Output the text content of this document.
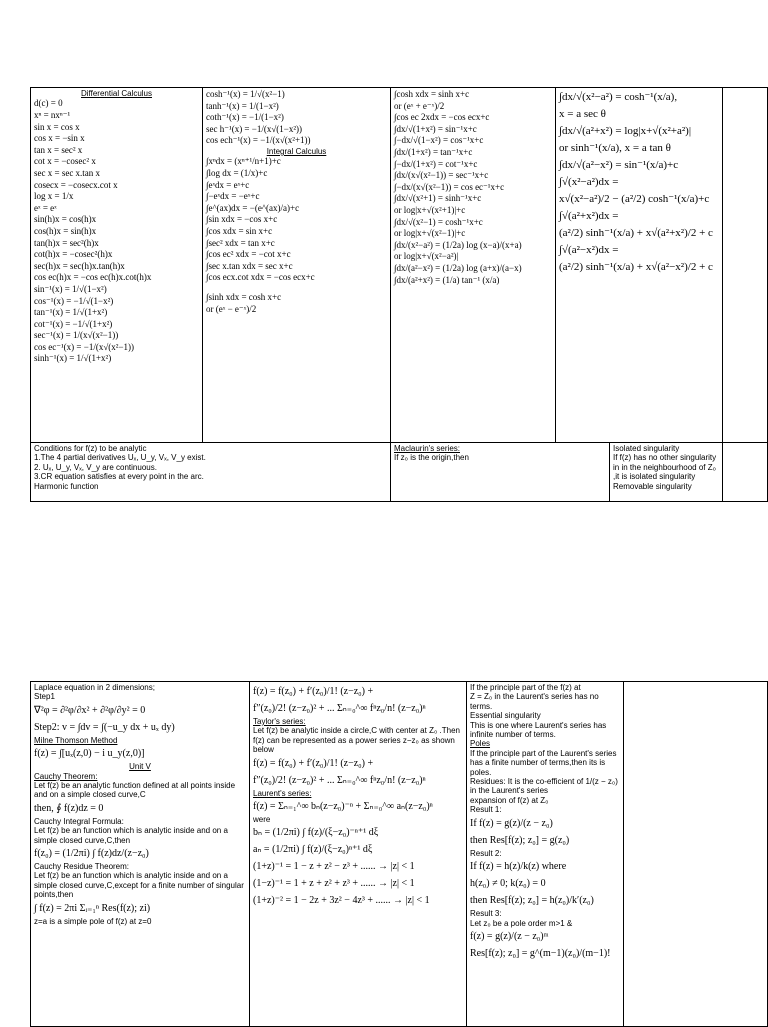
Differential Calculus
d(c) = 0
xⁿ = nxⁿ⁻¹
sin x = cos x
cos x = −sin x
tan x = sec² x
cot x = −cosec² x
sec x = sec x.tan x
cosecx = −cosecx.cot x
log x = 1/x
eˣ = eˣ
sin(h)x = cos(h)x
cos(h)x = sin(h)x
tan(h)x = sec²(h)x
cot(h)x = −cosec²(h)x
sec(h)x = sec(h)x.tan(h)x
cos ec(h)x = −cos ec(h)x.cot(h)x
sin⁻¹(x) = 1/√(1−x²)
cos⁻¹(x) = −1/√(1−x²)
tan⁻¹(x) = 1/√(1+x²)
cot⁻¹(x) = −1/√(1+x²)
sec⁻¹(x) = 1/(x√(x²−1))
cos ec⁻¹(x) = −1/(x√(x²−1))
sinh⁻¹(x) = 1/√(1+x²)

cosh⁻¹(x) = 1/√(x²−1)
tanh⁻¹(x) = 1/(1−x²)
coth⁻¹(x) = −1/(1−x²)
sec h⁻¹(x) = −1/(x√(1−x²))
cos ech⁻¹(x) = −1/(x√(x²+1))
Integral Calculus
∫xⁿdx = (xⁿ⁺¹/n+1)+c
∫log dx = (1/x)+c
∫eˣdx = eˣ+c
∫−eˣdx = −eˣ+c
∫e^(ax)dx = −(e^(ax)/a)+c
∫sin xdx = −cos x+c
∫cos xdx = sin x+c
∫sec² xdx = tan x+c
∫cos ec² xdx = −cot x+c
∫sec x.tan xdx = sec x+c
∫cos ecx.cot xdx = −cos ecx+c
∫sinh xdx = cosh x+c
or (eˣ − e⁻ˣ)/2

∫cosh xdx = sinh x+c
or (eˣ + e⁻ˣ)/2
∫cos ec 2xdx = −cos ecx+c
∫dx/√(1+x²) = sin⁻¹x+c
∫−dx/√(1−x²) = cos⁻¹x+c
∫dx/(1+x²) = tan⁻¹x+c
∫−dx/(1+x²) = cot⁻¹x+c
∫dx/(x√(x²−1)) = sec⁻¹x+c
∫−dx/(x√(x²−1)) = cos ec⁻¹x+c
∫dx/√(x²+1) = sinh⁻¹x+c
or log|x+√(x²+1)|+c
∫dx/√(x²−1) = cosh⁻¹x+c
or log|x+√(x²−1)|+c
∫dx/(x²−a²) = (1/2a) log (x−a)/(x+a)
or log|x+√(x²−a²)|
∫dx/(a²−x²) = (1/2a) log (a+x)/(a−x)
∫dx/(a²+x²) = (1/a) tan⁻¹ (x/a)

∫dx/√(x²−a²) = cosh⁻¹(x/a),
x = a sec θ
∫dx/√(a²+x²) = log|x+√(x²+a²)|
or sinh⁻¹(x/a), x = a tan θ
∫dx/√(a²−x²) = sin⁻¹(x/a)+c
∫√(x²−a²)dx =
x√(x²−a²)/2 − (a²/2) cosh⁻¹(x/a)+c
∫√(a²+x²)dx =
(a²/2) sinh⁻¹(x/a) + x√(a²+x²)/2 + c
∫√(a²−x²)dx =
(a²/2) sinh⁻¹(x/a) + x√(a²−x²)/2 + c

Conditions for f(z) to be analytic
1.The 4 partial derivatives Uₓ, U_y, Vₓ, V_y exist.
2. Uₓ, U_y, Vₓ, V_y are continuous.
3.CR equation satisfies at every point in the arc.
Harmonic function

Maclaurin's series:
If z₀ is the origin,then

Isolated singularity
If f(z) has no other singularity in in the neighbourhood of Z₀ ,it is isolated singularity
Removable singularity

Laplace equation in 2 dimensions;
Step1
∇²φ = ∂²φ/∂x² + ∂²φ/∂y² = 0
Step2: v = ∫dv = ∫(−u_y dx + uₓ dy)
Milne Thomson Method
f(z) = ∫[uₓ(z,0) − i u_y(z,0)]
Unit V
Cauchy Theorem:
Let f(z) be an analytic function defined at all points inside and on a simple closed curve,C
then, ∮ f(z)dz = 0
Cauchy Integral Formula:
Let f(z) be an function which is analytic inside and on a simple closed curve,C,then
f(z₀) = (1/2πi) ∫ f(z)dz/(z−z₀)
Cauchy Residue Theorem:
Let f(z) be an function which is analytic inside and on a simple closed curve,C,except for a finite number of singular points,then
∫ f(z) = 2πi Σᵢ₌₁ⁿ Res(f(z); zi)
z=a is a simple pole of f(z) at z=0

f(z) = f(z₀) + f′(z₀)/1! (z−z₀) +
f″(z₀)/2! (z−z₀)² + ... Σₙ₌₀^∞ fⁿz₀/n! (z−z₀)ⁿ
Taylor's series:
Let f(z) be analytic inside a circle,C with center at Z₀ .Then f(z) can be represented as a power series z−z₀ as shown below
f(z) = f(z₀) + f′(z₀)/1! (z−z₀) +
f″(z₀)/2! (z−z₀)² + ... Σₙ₌₀^∞ fⁿz₀/n! (z−z₀)ⁿ
Laurent's series:
f(z) = Σₙ₌₁^∞ bₙ(z−z₀)⁻ⁿ + Σₙ₌₀^∞ aₙ(z−z₀)ⁿ
were
bₙ = (1/2πi) ∫ f(z)/(ξ−z₀)⁻ⁿ⁺¹ dξ
aₙ = (1/2πi) ∫ f(z)/(ξ−z₀)ⁿ⁺¹ dξ
(1+z)⁻¹ = 1 − z + z² − z³ + ...... → |z| < 1
(1−z)⁻¹ = 1 + z + z² + z³ + ...... → |z| < 1
(1+z)⁻² = 1 − 2z + 3z² − 4z³ + ...... → |z| < 1

If the principle part of the f(z) at
Z = Z₀ in the Laurent's series has no terms.
Essential singularity
This is one where Laurent's series has infinite number of terms.
Poles
If the principle part of the Laurent's series has a finite number of terms,then its is poles.
Residues: It is the co-efficient of 1/(z − z₀) in the Laurent's series
expansion of f(z) at Z₀
Result 1:
If f(z) = g(z)/(z − z₀)
then Res[f(z); z₀] = g(z₀)
Result 2:
If f(z) = h(z)/k(z) where
h(z₀) ≠ 0; k(z₀) = 0
then Res[f(z); z₀] = h(z₀)/k′(z₀)
Result 3:
Let z₀ be a pole order m>1 &
f(z) = g(z)/(z − z₀)ᵐ
Res[f(z); z₀] = g^(m−1)(z₀)/(m−1)!
